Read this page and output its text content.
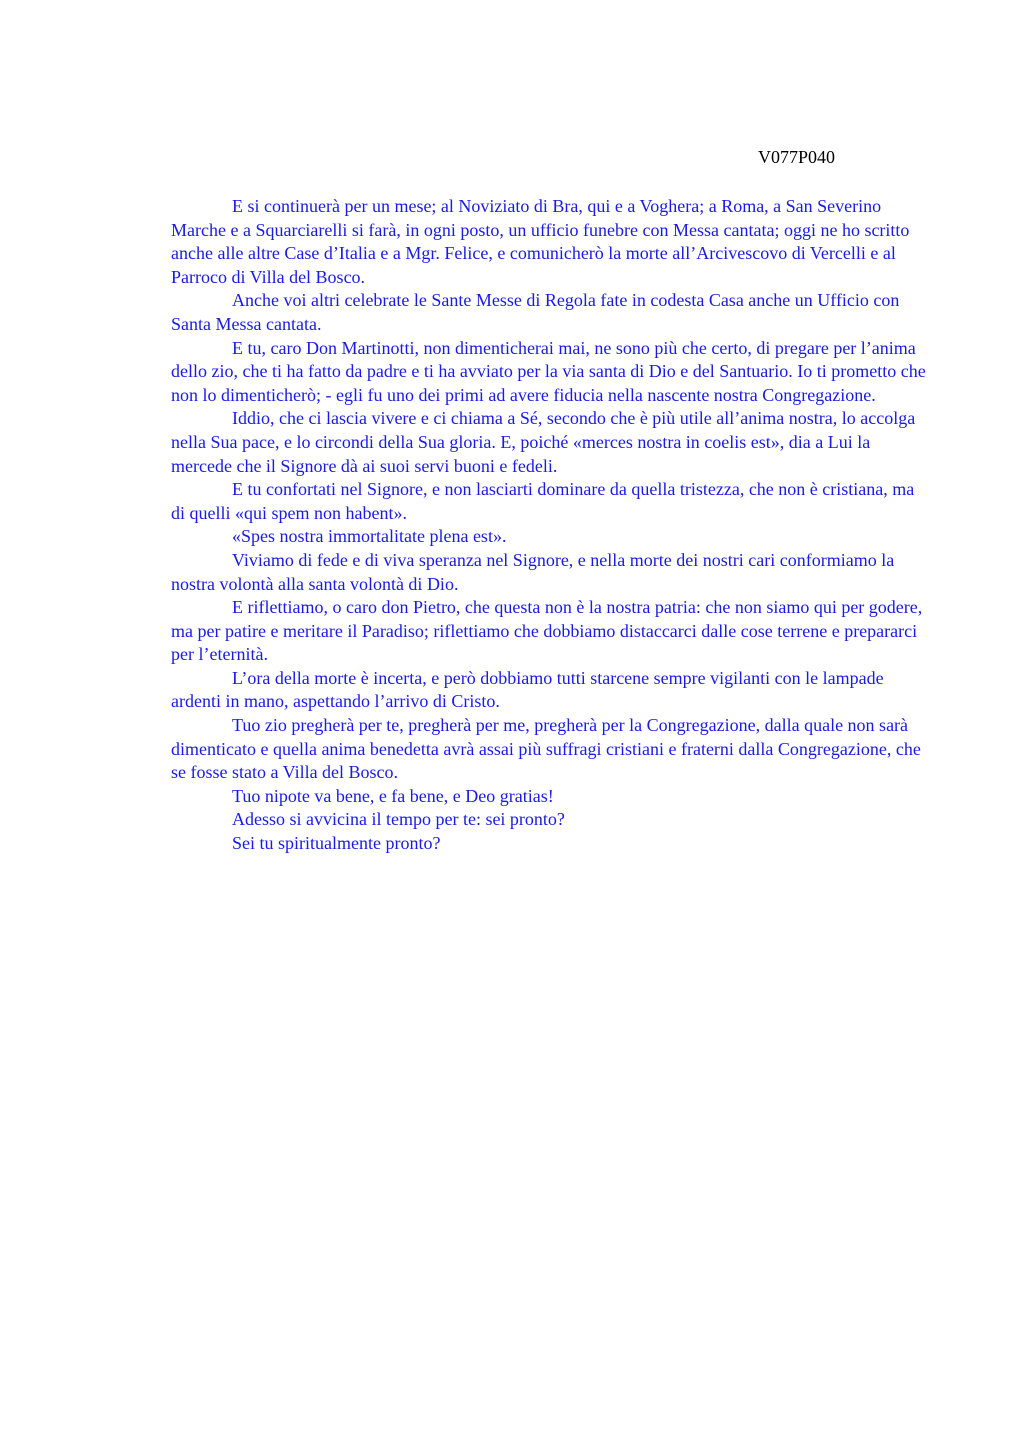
V077P040

E si continuerà per un mese; al Noviziato di Bra, qui e a Voghera; a Roma, a San Severino Marche e a Squarciarelli si farà, in ogni posto, un ufficio funebre con Messa cantata; oggi ne ho scritto anche alle altre Case d’Italia e a Mgr. Felice, e comunicherò la morte all’Arcivescovo di Vercelli e al Parroco di Villa del Bosco.

Anche voi altri celebrate le Sante Messe di Regola fate in codesta Casa anche un Ufficio con Santa Messa cantata.

E tu, caro Don Martinotti, non dimenticherai mai, ne sono più che certo, di pregare per l’anima dello zio, che ti ha fatto da padre e ti ha avviato per la via santa di Dio e del Santuario. Io ti prometto che non lo dimenticherò; - egli fu uno dei primi ad avere fiducia nella nascente nostra Congregazione.

Iddio, che ci lascia vivere e ci chiama a Sé, secondo che è più utile all’anima nostra, lo accolga nella Sua pace, e lo circondi della Sua gloria. E, poiché «merces nostra in coelis est», dia a Lui la mercede che il Signore dà ai suoi servi buoni e fedeli.

E tu confortati nel Signore, e non lasciarti dominare da quella tristezza, che non è cristiana, ma di quelli «qui spem non habent».

«Spes nostra immortalitate plena est».

Viviamo di fede e di viva speranza nel Signore, e nella morte dei nostri cari conformiamo la nostra volontà alla santa volontà di Dio.

E riflettiamo, o caro don Pietro, che questa non è la nostra patria: che non siamo qui per godere, ma per patire e meritare il Paradiso; riflettiamo che dobbiamo distaccarci dalle cose terrene e prepararci per l’eternità.

L’ora della morte è incerta, e però dobbiamo tutti starcene sempre vigilanti con le lampade ardenti in mano, aspettando l’arrivo di Cristo.

Tuo zio pregherà per te, pregherà per me, pregherà per la Congregazione, dalla quale non sarà dimenticato e quella anima benedetta avrà assai più suffragi cristiani e fraterni dalla Congregazione, che se fosse stato a Villa del Bosco.

Tuo nipote va bene, e fa bene, e Deo gratias!

Adesso si avvicina il tempo per te: sei pronto?

Sei tu spiritualmente pronto?
